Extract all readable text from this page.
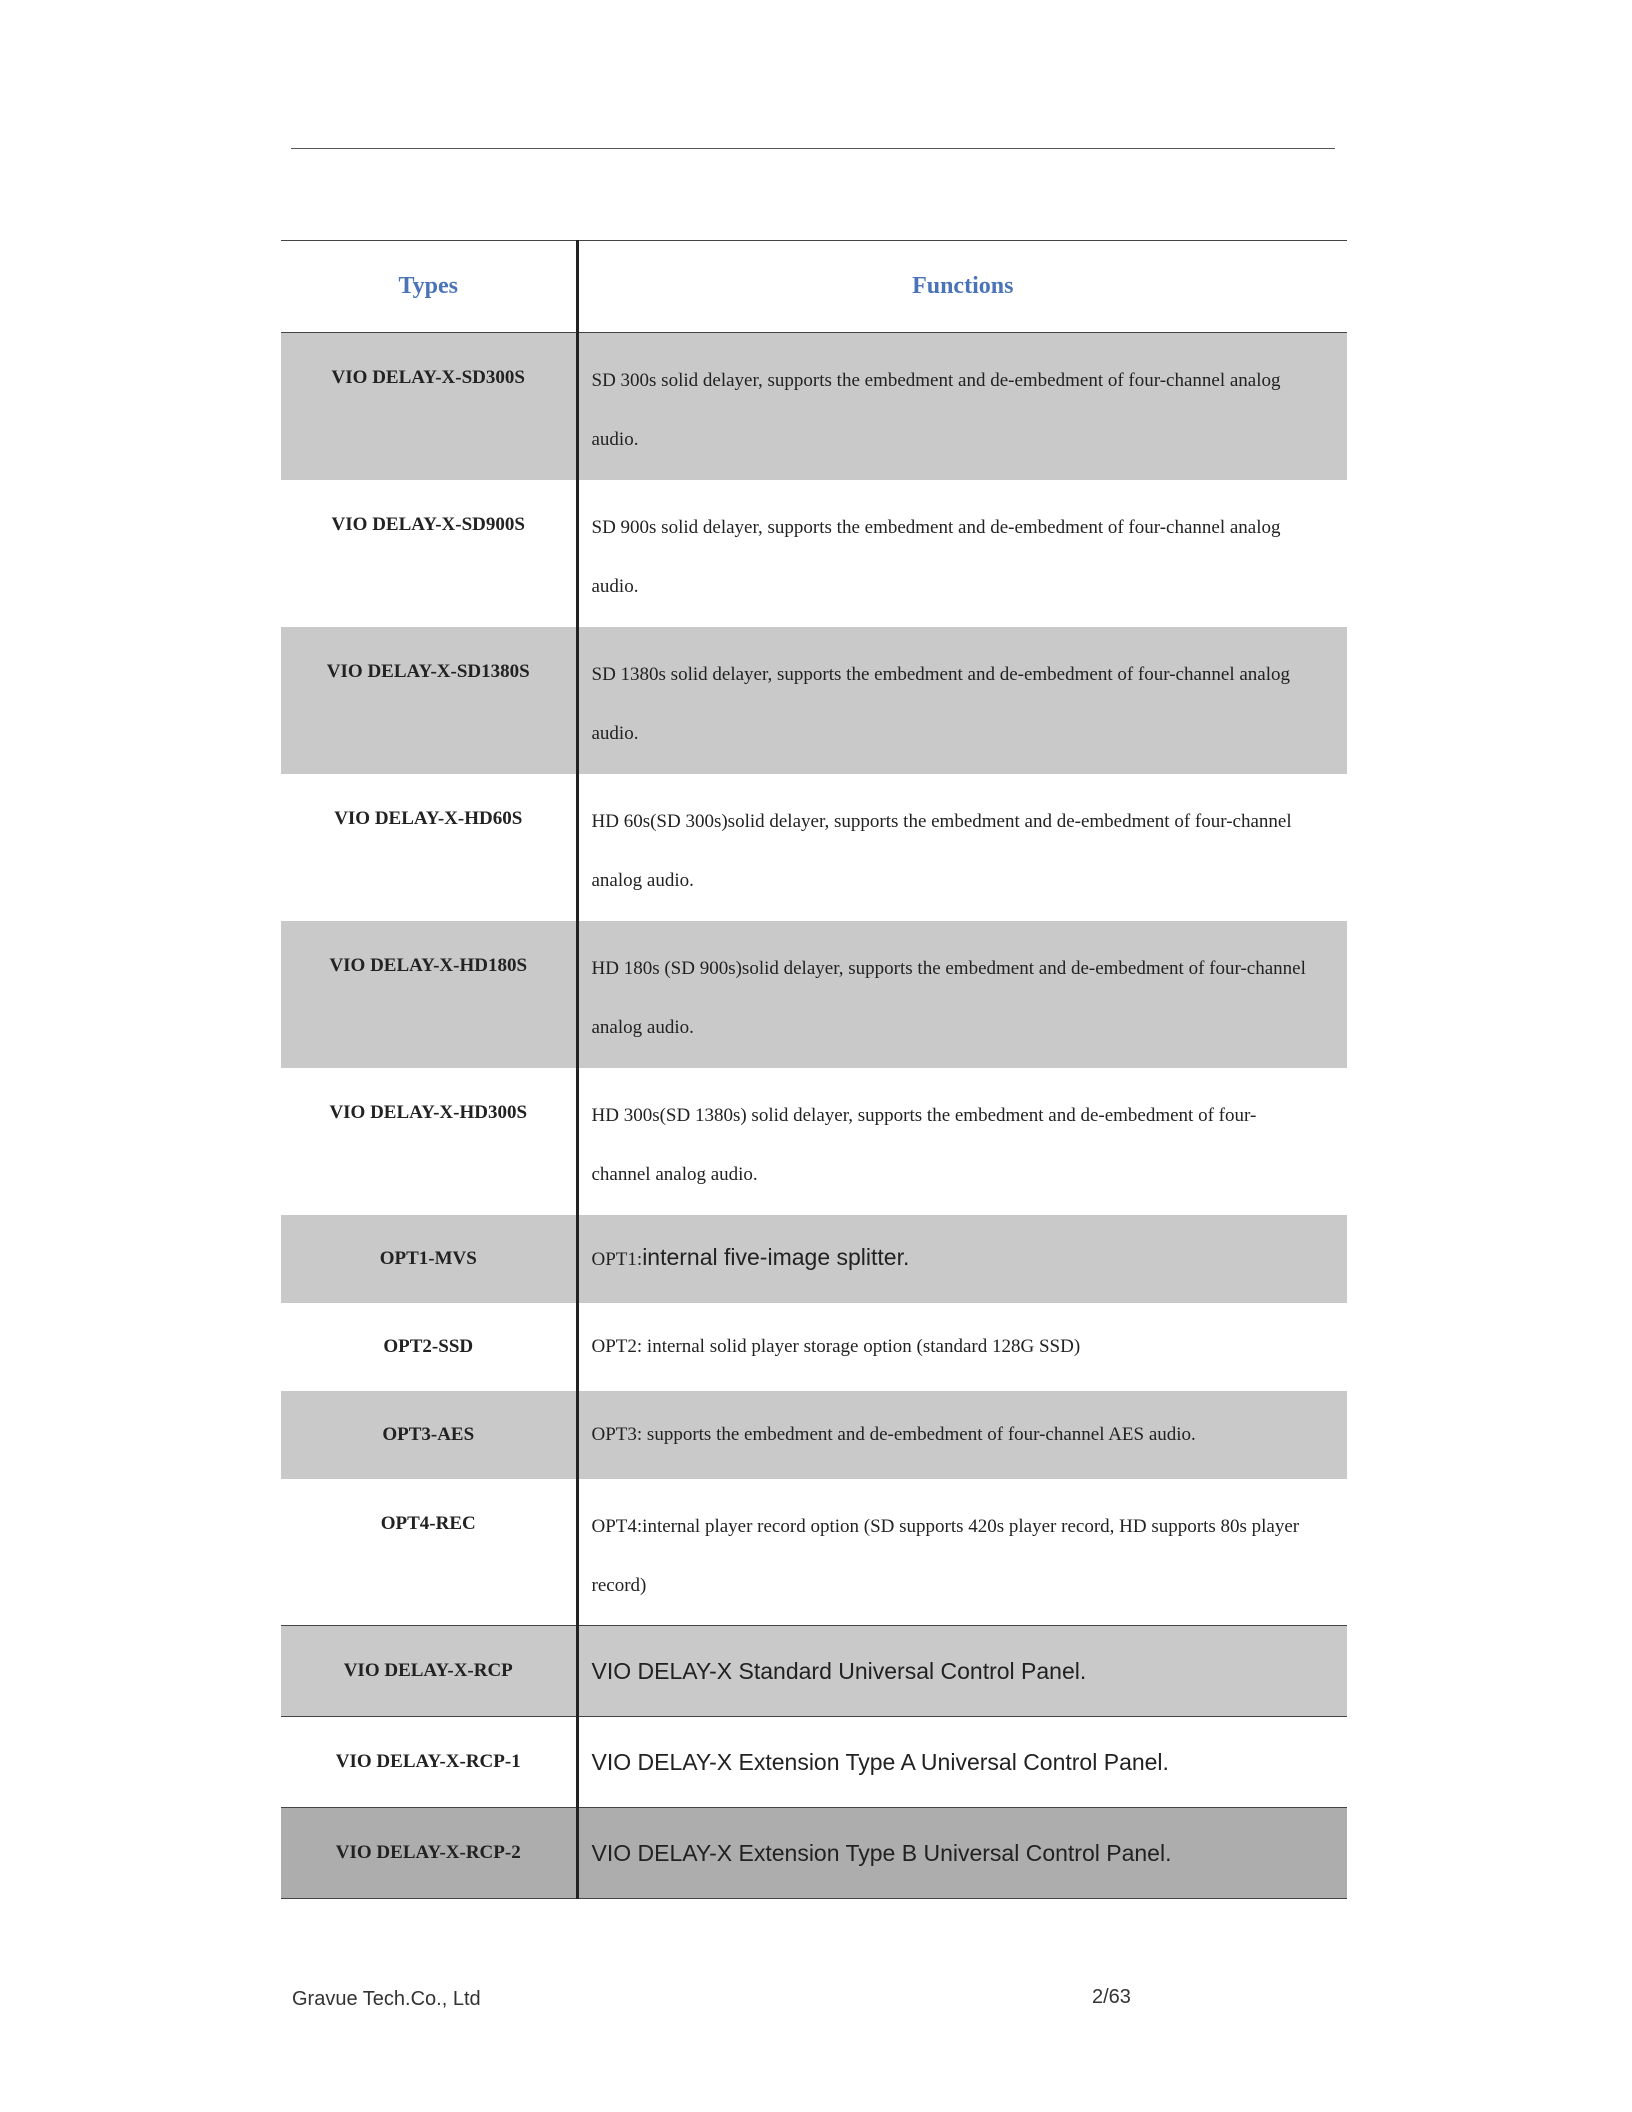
Types	Functions
VIO DELAY-X-SD300S	SD 300s solid delayer, supports the embedment and de-embedment of four-channel analog audio.
VIO DELAY-X-SD900S	SD 900s solid delayer, supports the embedment and de-embedment of four-channel analog audio.
VIO DELAY-X-SD1380S	SD 1380s solid delayer, supports the embedment and de-embedment of four-channel analog audio.
VIO DELAY-X-HD60S	HD 60s(SD 300s)solid delayer, supports the embedment and de-embedment of four-channel analog audio.
VIO DELAY-X-HD180S	HD 180s (SD 900s)solid delayer, supports the embedment and de-embedment of four-channel analog audio.
VIO DELAY-X-HD300S	HD 300s(SD 1380s) solid delayer, supports the embedment and de-embedment of four-channel analog audio.
OPT1-MVS	OPT1:internal five-image splitter.
OPT2-SSD	OPT2: internal solid player storage option (standard 128G SSD)
OPT3-AES	OPT3: supports the embedment and de-embedment of four-channel AES audio.
OPT4-REC	OPT4:internal player record option (SD supports 420s player record, HD supports 80s player record)
VIO DELAY-X-RCP	VIO DELAY-X Standard Universal Control Panel.
VIO DELAY-X-RCP-1	VIO DELAY-X Extension Type A Universal Control Panel.
VIO DELAY-X-RCP-2	VIO DELAY-X Extension Type B Universal Control Panel.
Gravue Tech.Co., Ltd	2/63
